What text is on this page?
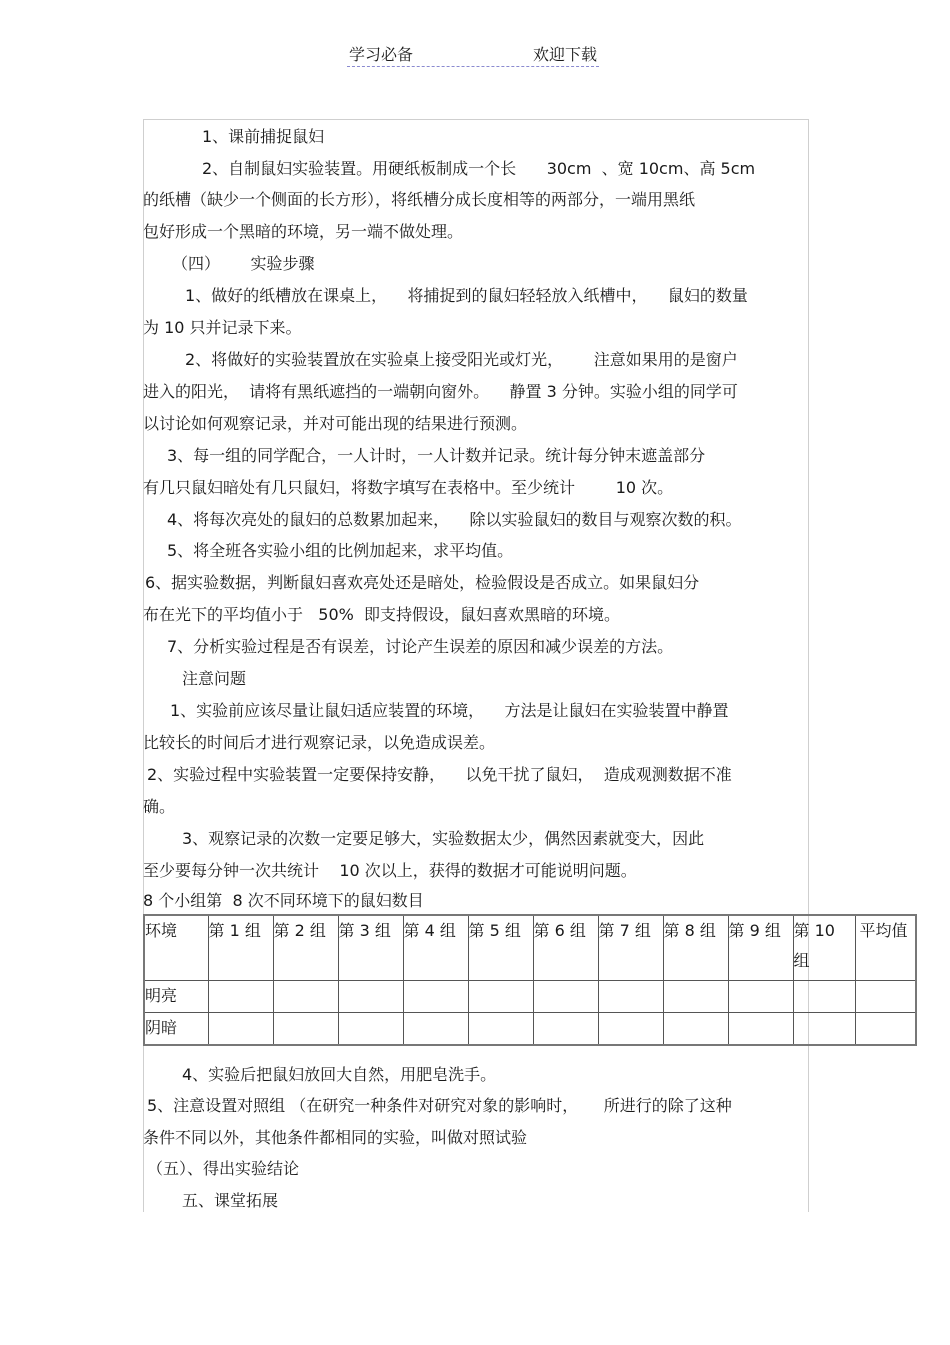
学习必备	欢迎下载
1、课前捕捉鼠妇
2、自制鼠妇实验装置。用硬纸板制成一个长      30cm  、宽 10cm、高 5cm
的纸槽（缺少一个侧面的长方形），将纸槽分成长度相等的两部分，一端用黑纸
包好形成一个黑暗的环境，另一端不做处理。
（四）      实验步骤
1、做好的纸槽放在课桌上，    将捕捉到的鼠妇轻轻放入纸槽中，    鼠妇的数量
为 10 只并记录下来。
2、将做好的实验装置放在实验桌上接受阳光或灯光，      注意如果用的是窗户
进入的阳光，  请将有黑纸遮挡的一端朝向窗外。    静置 3 分钟。实验小组的同学可
以讨论如何观察记录，并对可能出现的结果进行预测。
3、每一组的同学配合，一人计时，一人计数并记录。统计每分钟末遮盖部分
有几只鼠妇暗处有几只鼠妇，将数字填写在表格中。至少统计        10 次。
4、将每次亮处的鼠妇的总数累加起来，    除以实验鼠妇的数目与观察次数的积。
5、将全班各实验小组的比例加起来，求平均值。
6、据实验数据，判断鼠妇喜欢亮处还是暗处，检验假设是否成立。如果鼠妇分
布在光下的平均值小于   50%  即支持假设，鼠妇喜欢黑暗的环境。
7、分析实验过程是否有误差，讨论产生误差的原因和减少误差的方法。
注意问题
1、实验前应该尽量让鼠妇适应装置的环境，    方法是让鼠妇在实验装置中静置
比较长的时间后才进行观察记录，以免造成误差。
2、实验过程中实验装置一定要保持安静，    以免干扰了鼠妇，  造成观测数据不准
确。
3、观察记录的次数一定要足够大，实验数据太少，偶然因素就变大，因此
至少要每分钟一次共统计    10 次以上，获得的数据才可能说明问题。
8 个小组第  8 次不同环境下的鼠妇数目
环境	第 1 组	第 2 组	第 3 组	第 4 组	第 5 组	第 6 组	第 7 组	第 8 组	第 9 组	第 10 组	平均值

明亮											

阴暗											

4、实验后把鼠妇放回大自然，用肥皂洗手。
5、注意设置对照组 （在研究一种条件对研究对象的影响时，     所进行的除了这种
条件不同以外，其他条件都相同的实验，叫做对照试验
（五）、得出实验结论
五、课堂拓展
